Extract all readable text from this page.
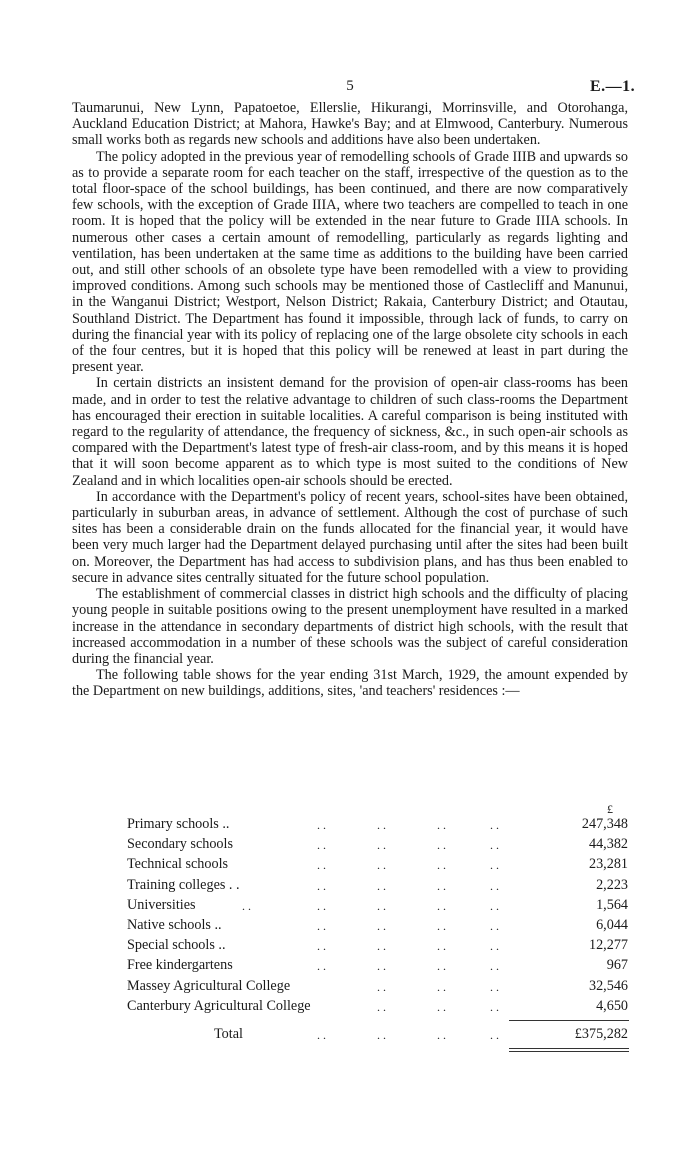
5	E.—1.

Taumarunui, New Lynn, Papatoetoe, Ellerslie, Hikurangi, Morrinsville, and Otorohanga, Auckland Education District; at Mahora, Hawke's Bay; and at Elmwood, Canterbury. Numerous small works both as regards new schools and additions have also been undertaken.

The policy adopted in the previous year of remodelling schools of Grade IIIB and upwards so as to provide a separate room for each teacher on the staff, irrespective of the question as to the total floor-space of the school buildings, has been continued, and there are now comparatively few schools, with the exception of Grade IIIA, where two teachers are compelled to teach in one room. It is hoped that the policy will be extended in the near future to Grade IIIA schools. In numerous other cases a certain amount of remodelling, particularly as regards lighting and ventilation, has been undertaken at the same time as additions to the building have been carried out, and still other schools of an obsolete type have been remodelled with a view to providing improved conditions. Among such schools may be mentioned those of Castlecliff and Manunui, in the Wanganui District; Westport, Nelson District; Rakaia, Canterbury District; and Otautau, Southland District. The Department has found it impossible, through lack of funds, to carry on during the financial year with its policy of replacing one of the large obsolete city schools in each of the four centres, but it is hoped that this policy will be renewed at least in part during the present year.

In certain districts an insistent demand for the provision of open-air class-rooms has been made, and in order to test the relative advantage to children of such class-rooms the Department has encouraged their erection in suitable localities. A careful comparison is being instituted with regard to the regularity of attendance, the frequency of sickness, &c., in such open-air schools as compared with the Department's latest type of fresh-air class-room, and by this means it is hoped that it will soon become apparent as to which type is most suited to the conditions of New Zealand and in which localities open-air schools should be erected.

In accordance with the Department's policy of recent years, school-sites have been obtained, particularly in suburban areas, in advance of settlement. Although the cost of purchase of such sites has been a considerable drain on the funds allocated for the financial year, it would have been very much larger had the Department delayed purchasing until after the sites had been built on. Moreover, the Department has had access to subdivision plans, and has thus been enabled to secure in advance sites centrally situated for the future school population.

The establishment of commercial classes in district high schools and the difficulty of placing young people in suitable positions owing to the present unemployment have resulted in a marked increase in the attendance in secondary departments of district high schools, with the result that increased accommodation in a number of these schools was the subject of careful consideration during the financial year.

The following table shows for the year ending 31st March, 1929, the amount expended by the Department on new buildings, additions, sites, 'and teachers' residences :—

£
Primary schools ..	. .	. .	. .	. .	247,348
Secondary schools	. .	. .	. .	. .	44,382
Technical schools	. .	. .	. .	. .	23,281
Training colleges . .	. .	. .	. .	. .	2,223
Universities	. .	. .	. .	. .	. .	1,564
Native schools ..	. .	. .	. .	. .	6,044
Special schools ..	. .	. .	. .	. .	12,277
Free kindergartens	. .	. .	. .	. .	967
Massey Agricultural College	. .	. .	. .	32,546
Canterbury Agricultural College	. .	. .	. .	4,650
Total	. .	. .	. .	. .	£375,282
